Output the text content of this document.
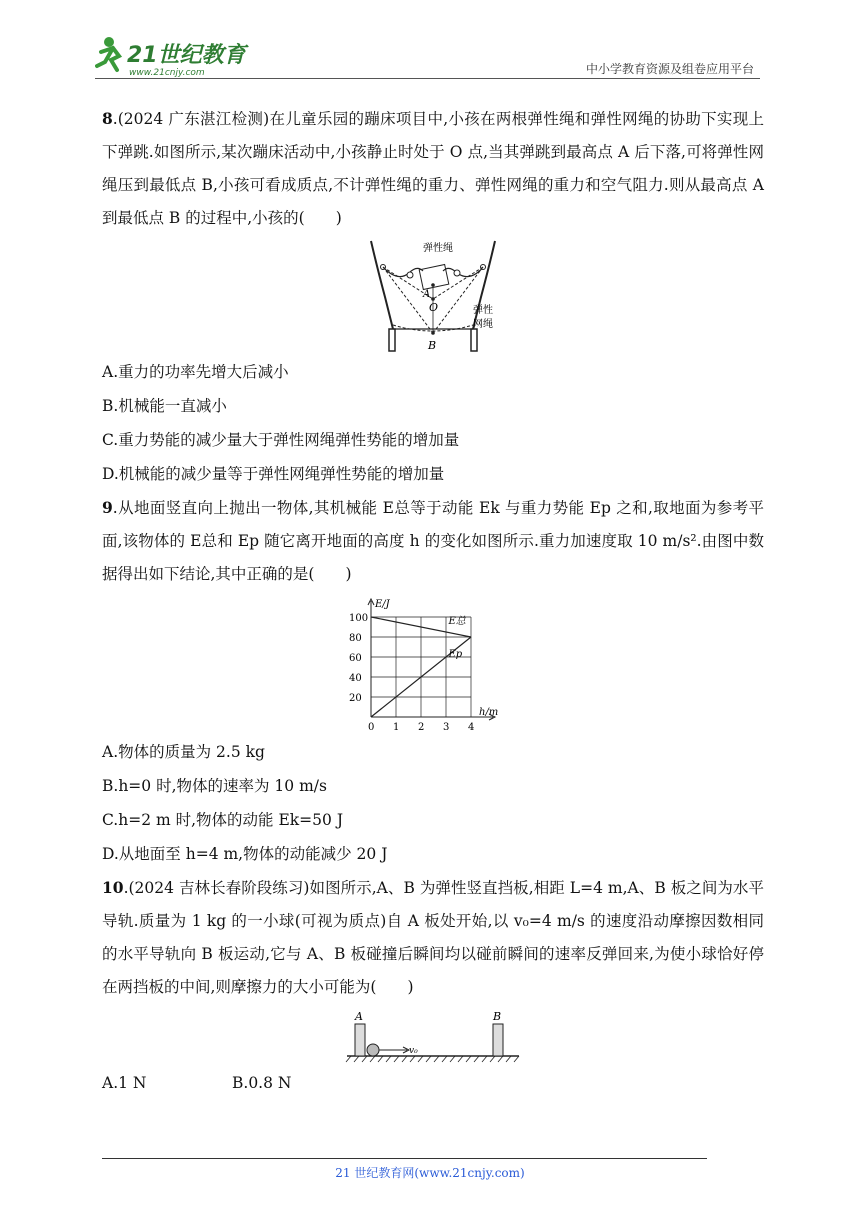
21世纪教育
www.21cnjy.com	中小学教育资源及组卷应用平台

8.(2024 广东湛江检测)在儿童乐园的蹦床项目中,小孩在两根弹性绳和弹性网绳的协助下实现上下弹跳.如图所示,某次蹦床活动中,小孩静止时处于 O 点,当其弹跳到最高点 A 后下落,可将弹性网绳压到最低点 B,小孩可看成质点,不计弹性绳的重力、弹性网绳的重力和空气阻力.则从最高点 A 到最低点 B 的过程中,小孩的(　　)

弹性绳
A
O
B
弹性
网绳

A.重力的功率先增大后减小

B.机械能一直减小

C.重力势能的减少量大于弹性网绳弹性势能的增加量

D.机械能的减少量等于弹性网绳弹性势能的增加量

9.从地面竖直向上抛出一物体,其机械能 E总等于动能 Ek 与重力势能 Ep 之和,取地面为参考平面,该物体的 E总和 Ep 随它离开地面的高度 h 的变化如图所示.重力加速度取 10 m/s².由图中数据得出如下结论,其中正确的是(　　)

0 1 2 3 4
20
40
60
80
100
h/m
E/J
E总
Ep

A.物体的质量为 2.5 kg

B.h=0 时,物体的速率为 10 m/s

C.h=2 m 时,物体的动能 Ek=50 J

D.从地面至 h=4 m,物体的动能减少 20 J

10.(2024 吉林长春阶段练习)如图所示,A、B 为弹性竖直挡板,相距 L=4 m,A、B 板之间为水平导轨.质量为 1 kg 的一小球(可视为质点)自 A 板处开始,以 v₀=4 m/s 的速度沿动摩擦因数相同的水平导轨向 B 板运动,它与 A、B 板碰撞后瞬间均以碰前瞬间的速率反弹回来,为使小球恰好停在两挡板的中间,则摩擦力的大小可能为(　　)

A	B
v₀

A.1 N	B.0.8 N

21 世纪教育网(www.21cnjy.com)
